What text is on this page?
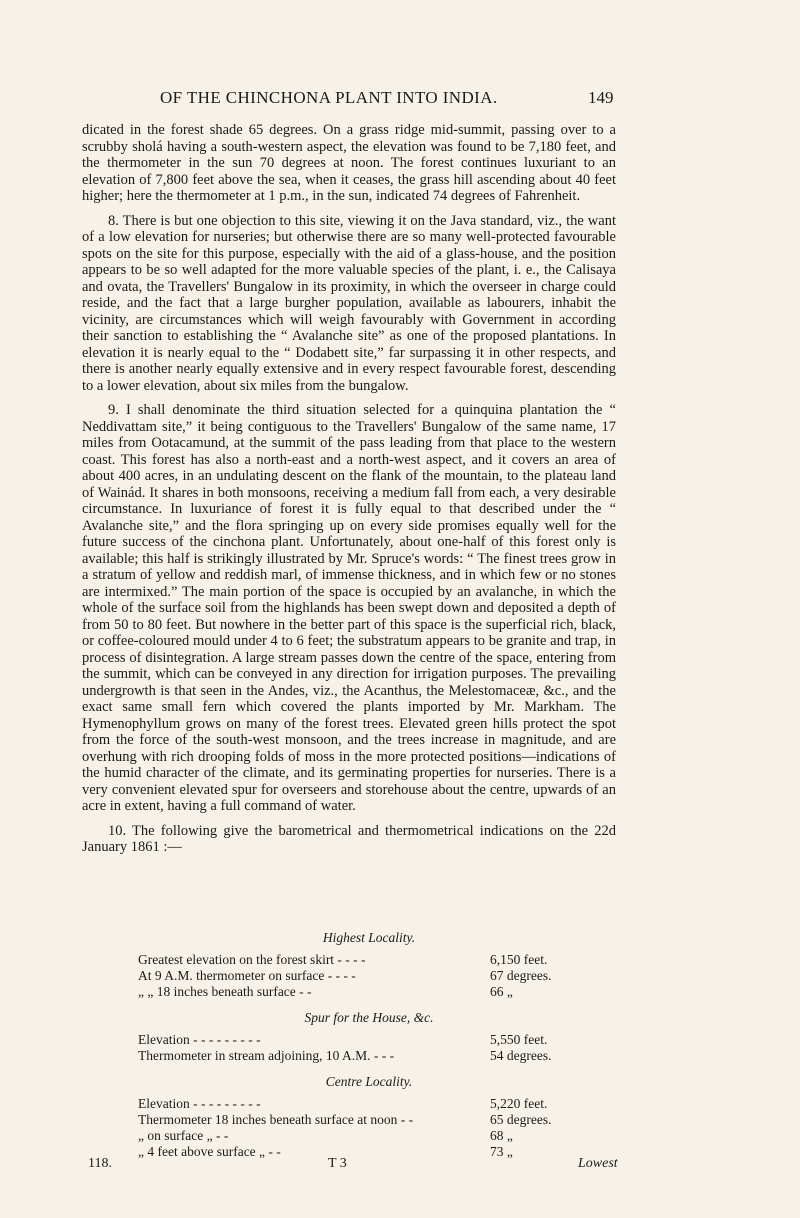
OF THE CHINCHONA PLANT INTO INDIA.	149

dicated in the forest shade 65 degrees. On a grass ridge mid-summit, passing over to a scrubby sholá having a south-western aspect, the elevation was found to be 7,180 feet, and the thermometer in the sun 70 degrees at noon. The forest continues luxuriant to an elevation of 7,800 feet above the sea, when it ceases, the grass hill ascending about 40 feet higher; here the thermometer at 1 p.m., in the sun, indicated 74 degrees of Fahrenheit.

8. There is but one objection to this site, viewing it on the Java standard, viz., the want of a low elevation for nurseries; but otherwise there are so many well-protected favourable spots on the site for this purpose, especially with the aid of a glass-house, and the position appears to be so well adapted for the more valuable species of the plant, i. e., the Calisaya and ovata, the Travellers' Bungalow in its proximity, in which the overseer in charge could reside, and the fact that a large burgher population, available as labourers, inhabit the vicinity, are circumstances which will weigh favourably with Government in according their sanction to establishing the “ Avalanche site” as one of the proposed plantations. In elevation it is nearly equal to the “ Dodabett site,” far surpassing it in other respects, and there is another nearly equally extensive and in every respect favourable forest, descending to a lower elevation, about six miles from the bungalow.

9. I shall denominate the third situation selected for a quinquina plantation the “ Neddivattam site,” it being contiguous to the Travellers' Bungalow of the same name, 17 miles from Ootacamund, at the summit of the pass leading from that place to the western coast. This forest has also a north-east and a north-west aspect, and it covers an area of about 400 acres, in an undulating descent on the flank of the mountain, to the plateau land of Wainád. It shares in both monsoons, receiving a medium fall from each, a very desirable circumstance. In luxuriance of forest it is fully equal to that described under the “ Avalanche site,” and the flora springing up on every side promises equally well for the future success of the cinchona plant. Unfortunately, about one-half of this forest only is available; this half is strikingly illustrated by Mr. Spruce's words: “ The finest trees grow in a stratum of yellow and reddish marl, of immense thickness, and in which few or no stones are intermixed.” The main portion of the space is occupied by an avalanche, in which the whole of the surface soil from the highlands has been swept down and deposited a depth of from 50 to 80 feet. But nowhere in the better part of this space is the superficial rich, black, or coffee-coloured mould under 4 to 6 feet; the substratum appears to be granite and trap, in process of disintegration. A large stream passes down the centre of the space, entering from the summit, which can be conveyed in any direction for irrigation purposes. The prevailing undergrowth is that seen in the Andes, viz., the Acanthus, the Melestomaceæ, &c., and the exact same small fern which covered the plants imported by Mr. Markham. The Hymenophyllum grows on many of the forest trees. Elevated green hills protect the spot from the force of the south-west monsoon, and the trees increase in magnitude, and are overhung with rich drooping folds of moss in the more protected positions—indications of the humid character of the climate, and its germinating properties for nurseries. There is a very convenient elevated spur for overseers and storehouse about the centre, upwards of an acre in extent, having a full command of water.

10. The following give the barometrical and thermometrical indications on the 22d January 1861 :—

Highest Locality.
Greatest elevation on the forest skirt - - - -	6,150 feet.
At 9 A.M. thermometer on surface - - - -	67 degrees.
„ „ 18 inches beneath surface - -	66 „
Spur for the House, &c.
Elevation - - - - - - - - -	5,550 feet.
Thermometer in stream adjoining, 10 A.M. - - -	54 degrees.
Centre Locality.
Elevation - - - - - - - - -	5,220 feet.
Thermometer 18 inches beneath surface at noon - -	65 degrees.
„ on surface „ - -	68 „
„ 4 feet above surface „ - -	73 „
118.	T 3	Lowest
